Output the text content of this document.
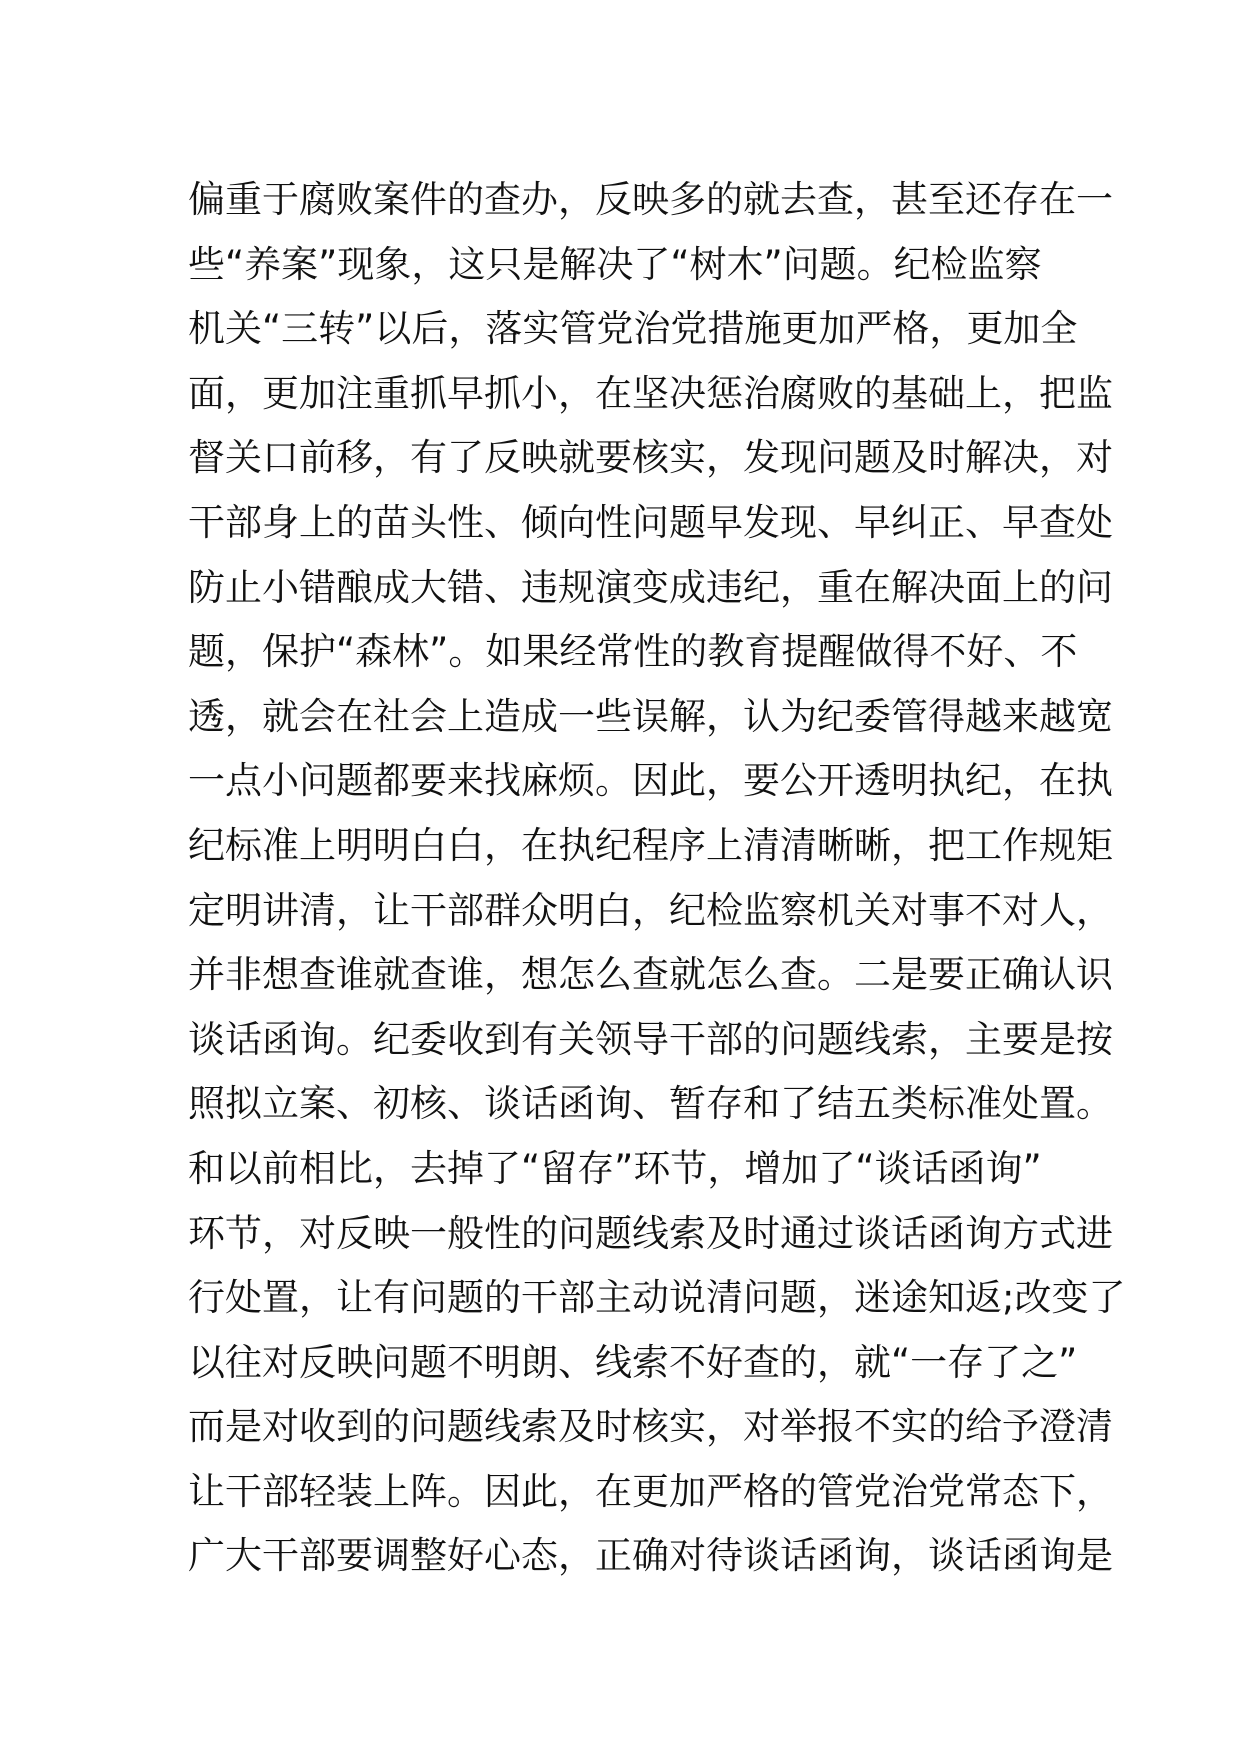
偏重于腐败案件的查办，反映多的就去查，甚至还存在一
些“养案”现象，这只是解决了“树木”问题。纪检监察
机关“三转”以后，落实管党治党措施更加严格，更加全
面，更加注重抓早抓小，在坚决惩治腐败的基础上，把监
督关口前移，有了反映就要核实，发现问题及时解决，对
干部身上的苗头性、倾向性问题早发现、早纠正、早查处
防止小错酿成大错、违规演变成违纪，重在解决面上的问
题，保护“森林”。如果经常性的教育提醒做得不好、不
透，就会在社会上造成一些误解，认为纪委管得越来越宽
一点小问题都要来找麻烦。因此，要公开透明执纪，在执
纪标准上明明白白，在执纪程序上清清晰晰，把工作规矩
定明讲清，让干部群众明白，纪检监察机关对事不对人，
并非想查谁就查谁，想怎么查就怎么查。二是要正确认识
谈话函询。纪委收到有关领导干部的问题线索，主要是按
照拟立案、初核、谈话函询、暂存和了结五类标准处置。
和以前相比，去掉了“留存”环节，增加了“谈话函询”
环节，对反映一般性的问题线索及时通过谈话函询方式进
行处置，让有问题的干部主动说清问题，迷途知返;改变了
以往对反映问题不明朗、线索不好查的，就“一存了之”
而是对收到的问题线索及时核实，对举报不实的给予澄清
让干部轻装上阵。因此，在更加严格的管党治党常态下，
广大干部要调整好心态，正确对待谈话函询，谈话函询是
